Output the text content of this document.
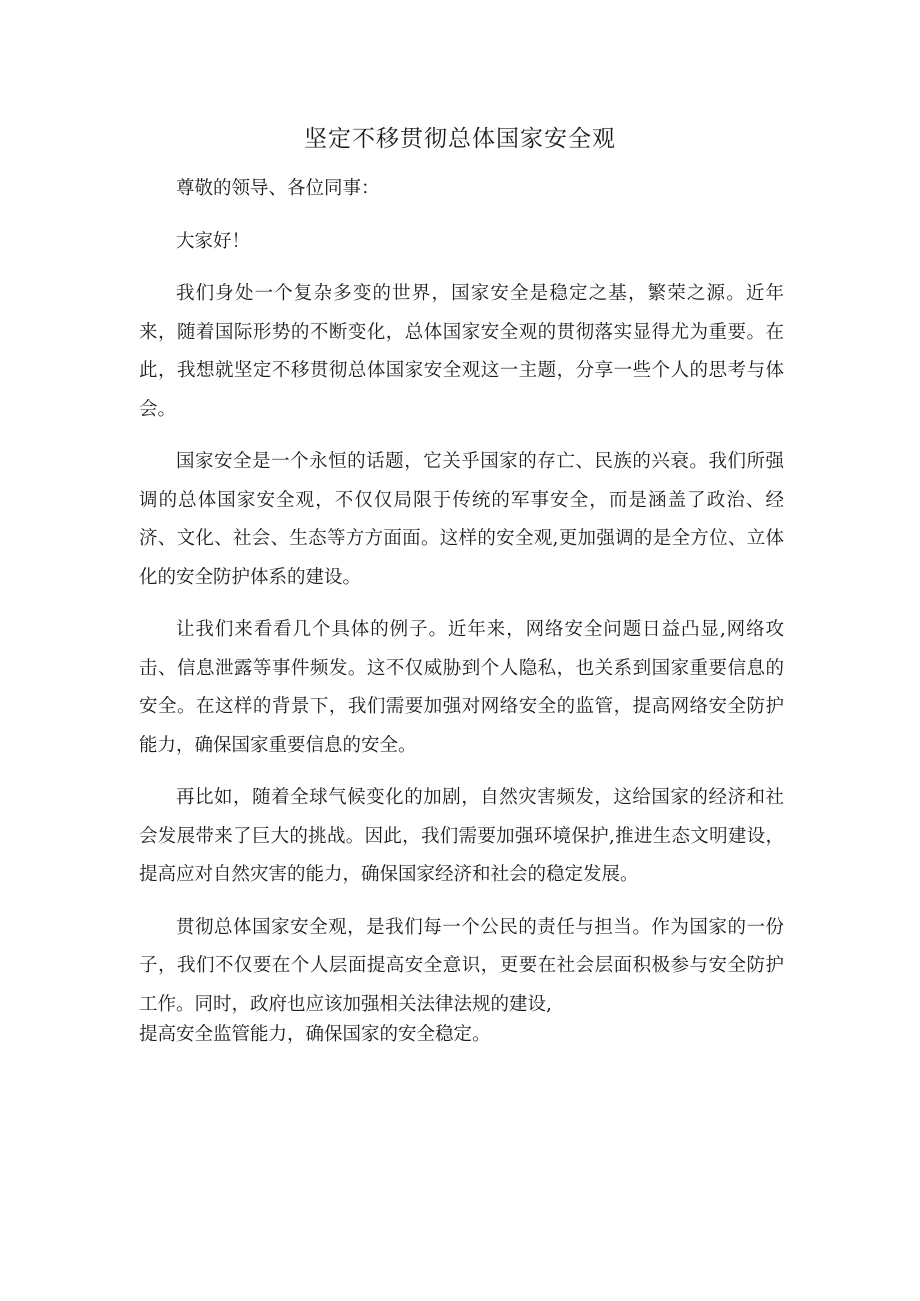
坚定不移贯彻总体国家安全观

尊敬的领导、各位同事：

大家好！

我们身处一个复杂多变的世界，国家安全是稳定之基，繁荣之源。近年来，随着国际形势的不断变化，总体国家安全观的贯彻落实显得尤为重要。在此，我想就坚定不移贯彻总体国家安全观这一主题，分享一些个人的思考与体会。

国家安全是一个永恒的话题，它关乎国家的存亡、民族的兴衰。我们所强调的总体国家安全观，不仅仅局限于传统的军事安全，而是涵盖了政治、经济、文化、社会、生态等方方面面。这样的安全观,更加强调的是全方位、立体化的安全防护体系的建设。

让我们来看看几个具体的例子。近年来，网络安全问题日益凸显,网络攻击、信息泄露等事件频发。这不仅威胁到个人隐私，也关系到国家重要信息的安全。在这样的背景下，我们需要加强对网络安全的监管，提高网络安全防护能力，确保国家重要信息的安全。

再比如，随着全球气候变化的加剧，自然灾害频发，这给国家的经济和社会发展带来了巨大的挑战。因此，我们需要加强环境保护,推进生态文明建设，提高应对自然灾害的能力，确保国家经济和社会的稳定发展。

贯彻总体国家安全观，是我们每一个公民的责任与担当。作为国家的一份子，我们不仅要在个人层面提高安全意识，更要在社会层面积极参与安全防护工作。同时，政府也应该加强相关法律法规的建设,

提高安全监管能力，确保国家的安全稳定。
